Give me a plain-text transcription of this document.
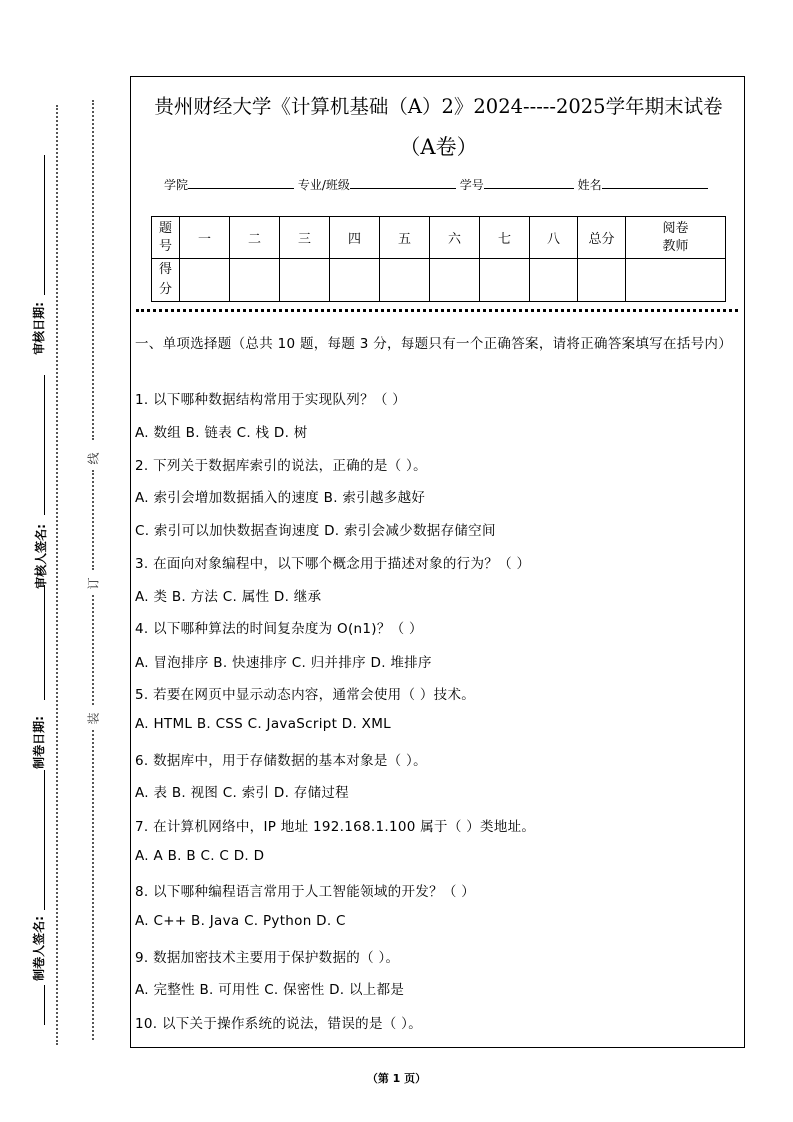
审核日期:
审核人签名:
制卷日期:
制卷人签名:
线
订
装
贵州财经大学《计算机基础（A）2》2024-----2025学年期末试卷
（A卷）
学院	专业/班级	学号	姓名
题号	一	二	三	四	五	六	七	八	总分	阅卷教师
得分										
一、单项选择题（总共 10 题，每题 3 分，每题只有一个正确答案，请将正确答案填写在括号内）
1. 以下哪种数据结构常用于实现队列？（ ）
A. 数组 B. 链表 C. 栈 D. 树
2. 下列关于数据库索引的说法，正确的是（ ）。
A. 索引会增加数据插入的速度 B. 索引越多越好
C. 索引可以加快数据查询速度 D. 索引会减少数据存储空间
3. 在面向对象编程中，以下哪个概念用于描述对象的行为？（ ）
A. 类 B. 方法 C. 属性 D. 继承
4. 以下哪种算法的时间复杂度为 O(n1)？（ ）
A. 冒泡排序 B. 快速排序 C. 归并排序 D. 堆排序
5. 若要在网页中显示动态内容，通常会使用（ ）技术。
A. HTML B. CSS C. JavaScript D. XML
6. 数据库中，用于存储数据的基本对象是（ ）。
A. 表 B. 视图 C. 索引 D. 存储过程
7. 在计算机网络中，IP 地址 192.168.1.100 属于（ ）类地址。
A. A B. B C. C D. D
8. 以下哪种编程语言常用于人工智能领域的开发？（ ）
A. C++ B. Java C. Python D. C
9. 数据加密技术主要用于保护数据的（ ）。
A. 完整性 B. 可用性 C. 保密性 D. 以上都是
10. 以下关于操作系统的说法，错误的是（ ）。
（第 1 页）
